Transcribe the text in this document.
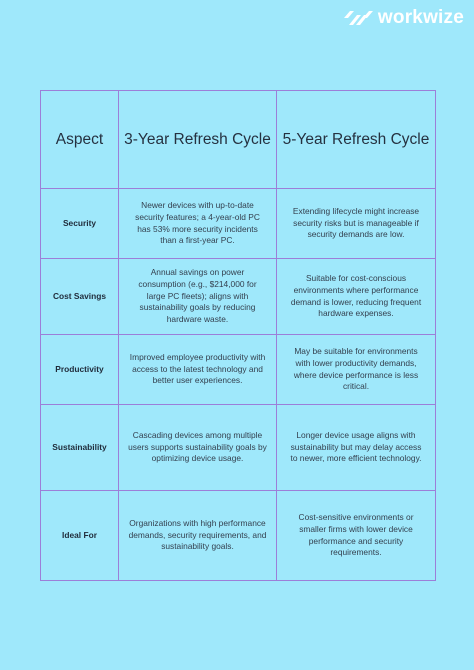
workwize
Aspect	3-Year Refresh Cycle	5-Year Refresh Cycle
Security	Newer devices with up-to-date security features; a 4-year-old PC has 53% more security incidents than a first-year PC.	Extending lifecycle might increase security risks but is manageable if security demands are low.
Cost Savings	Annual savings on power consumption (e.g., $214,000 for large PC fleets); aligns with sustainability goals by reducing hardware waste.	Suitable for cost-conscious environments where performance demand is lower, reducing frequent hardware expenses.
Productivity	Improved employee productivity with access to the latest technology and better user experiences.	May be suitable for environments with lower productivity demands, where device performance is less critical.
Sustainability	Cascading devices among multiple users supports sustainability goals by optimizing device usage.	Longer device usage aligns with sustainability but may delay access to newer, more efficient technology.
Ideal For	Organizations with high performance demands, security requirements, and sustainability goals.	Cost-sensitive environments or smaller firms with lower device performance and security requirements.
